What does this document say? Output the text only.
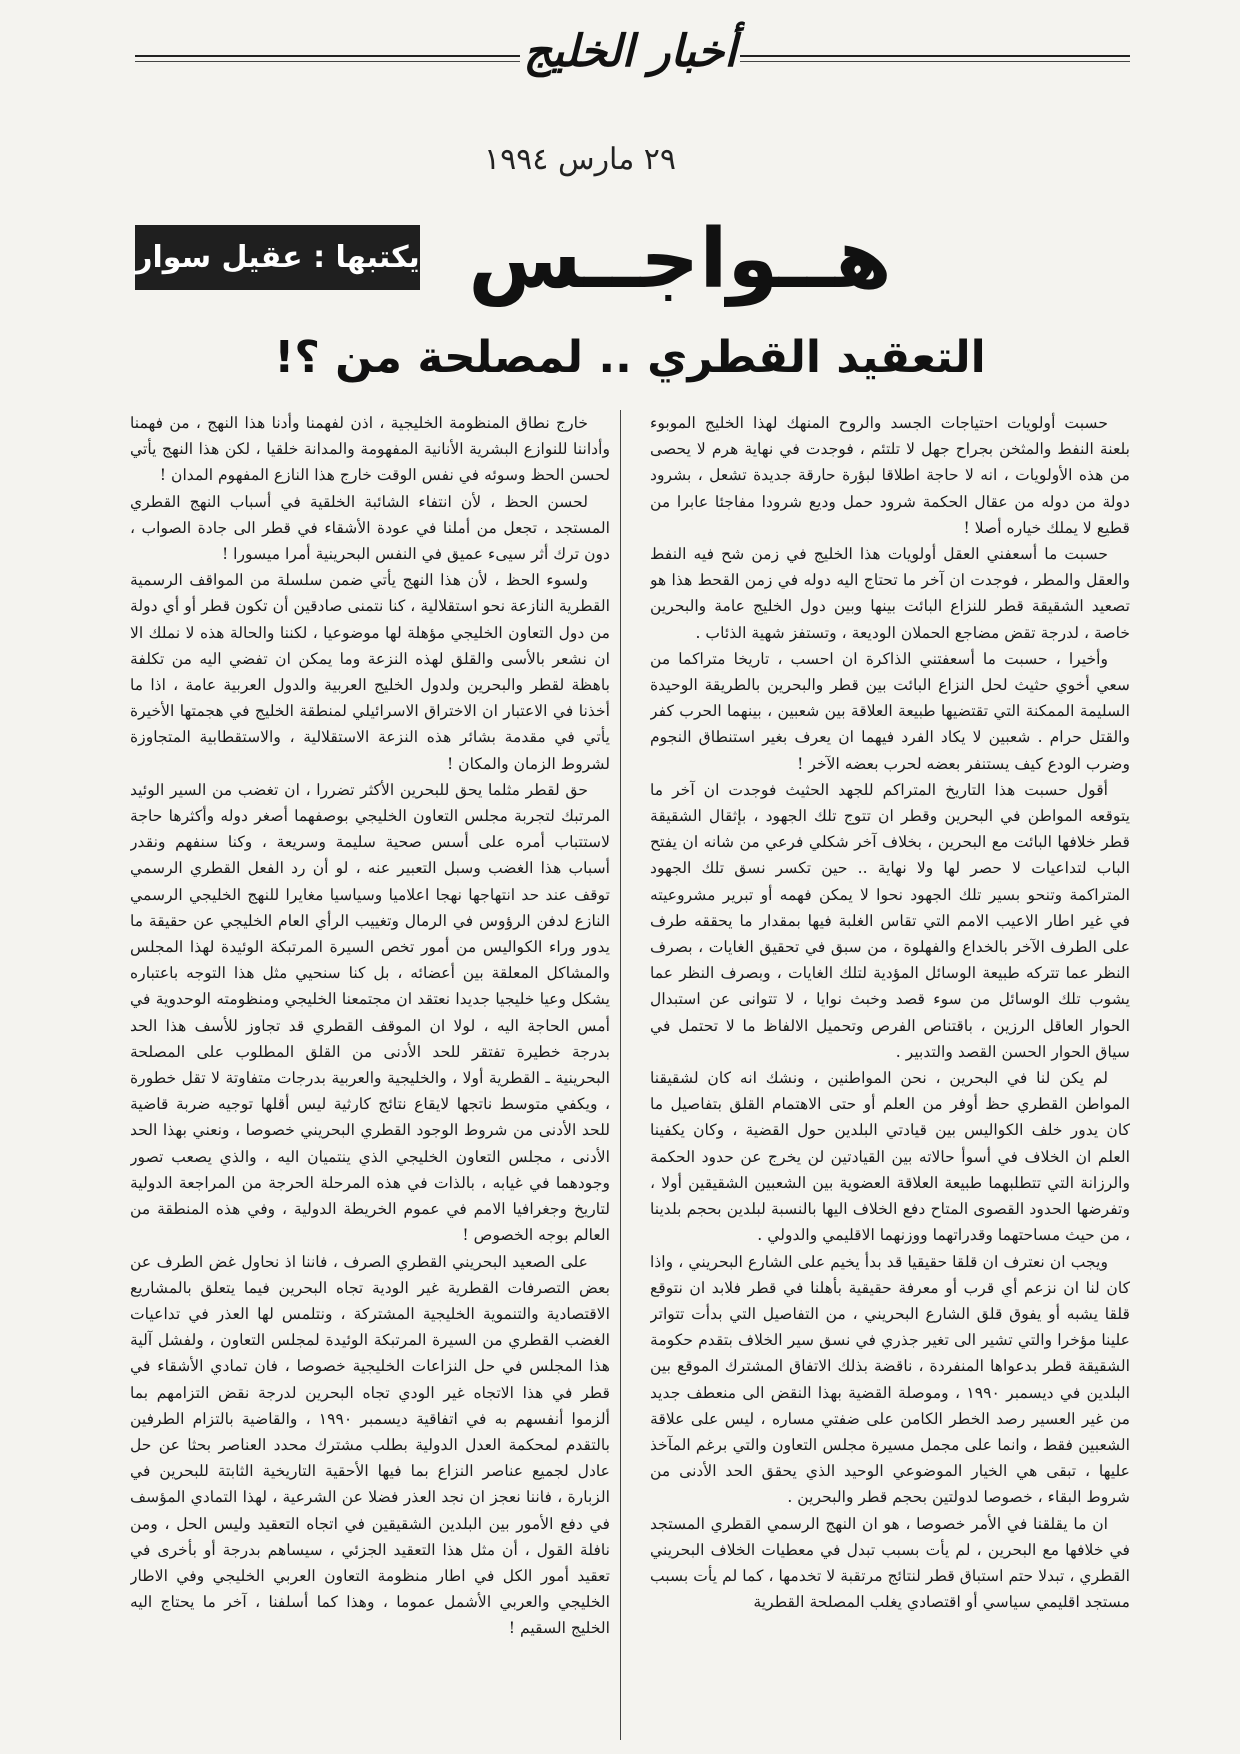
أخبار الخليج
٢٩ مارس ١٩٩٤
هــواجــس
يكتبها : عقيل سوار
التعقيد القطري .. لمصلحة من ؟!

حسبت أولويات احتياجات الجسد والروح المنهك لهذا الخليج الموبوء بلعنة النفط والمثخن بجراح جهل لا تلتئم ، فوجدت في نهاية هرم لا يحصى من هذه الأولويات ، انه لا حاجة اطلاقا لبؤرة حارقة جديدة تشعل ، بشرود دولة من دوله من عقال الحكمة شرود حمل وديع شرودا مفاجئا عابرا من قطيع لا يملك خياره أصلا !

حسبت ما أسعفني العقل أولويات هذا الخليج في زمن شح فيه النفط والعقل والمطر ، فوجدت ان آخر ما تحتاج اليه دوله في زمن القحط هذا هو تصعيد الشقيقة قطر للنزاع البائت بينها وبين دول الخليج عامة والبحرين خاصة ، لدرجة تقض مضاجع الحملان الوديعة ، وتستفز شهية الذئاب .

وأخيرا ، حسبت ما أسعفتني الذاكرة ان احسب ، تاريخا متراكما من سعي أخوي حثيث لحل النزاع البائت بين قطر والبحرين بالطريقة الوحيدة السليمة الممكنة التي تقتضيها طبيعة العلاقة بين شعبين ، بينهما الحرب كفر والقتل حرام . شعبين لا يكاد الفرد فيهما ان يعرف بغير استنطاق النجوم وضرب الودع كيف يستنفر بعضه لحرب بعضه الآخر !

أقول حسبت هذا التاريخ المتراكم للجهد الحثيث فوجدت ان آخر ما يتوقعه المواطن في البحرين وقطر ان تتوج تلك الجهود ، بإثقال الشقيقة قطر خلافها البائت مع البحرين ، بخلاف آخر شكلي فرعي من شانه ان يفتح الباب لتداعيات لا حصر لها ولا نهاية .. حين تكسر نسق تلك الجهود المتراكمة وتنحو بسير تلك الجهود نحوا لا يمكن فهمه أو تبرير مشروعيته في غير اطار الاعيب الامم التي تقاس الغلبة فيها بمقدار ما يحققه طرف على الطرف الآخر بالخداع والفهلوة ، من سبق في تحقيق الغايات ، بصرف النظر عما تتركه طبيعة الوسائل المؤدية لتلك الغايات ، وبصرف النظر عما يشوب تلك الوسائل من سوء قصد وخبث نوايا ، لا تتوانى عن استبدال الحوار العاقل الرزين ، باقتناص الفرص وتحميل الالفاظ ما لا تحتمل في سياق الحوار الحسن القصد والتدبير .

لم يكن لنا في البحرين ، نحن المواطنين ، ونشك انه كان لشقيقنا المواطن القطري حظ أوفر من العلم أو حتى الاهتمام القلق بتفاصيل ما كان يدور خلف الكواليس بين قيادتي البلدين حول القضية ، وكان يكفينا العلم ان الخلاف في أسوأ حالاته بين القيادتين لن يخرج عن حدود الحكمة والرزانة التي تتطلبهما طبيعة العلاقة العضوية بين الشعبين الشقيقين أولا ، وتفرضها الحدود القصوى المتاح دفع الخلاف اليها بالنسبة لبلدين بحجم بلدينا ، من حيث مساحتهما وقدراتهما ووزنهما الاقليمي والدولي .

ويجب ان نعترف ان قلقا حقيقيا قد بدأ يخيم على الشارع البحريني ، واذا كان لنا ان نزعم أي قرب أو معرفة حقيقية بأهلنا في قطر فلابد ان نتوقع قلقا يشبه أو يفوق قلق الشارع البحريني ، من التفاصيل التي بدأت تتواتر علينا مؤخرا والتي تشير الى تغير جذري في نسق سير الخلاف بتقدم حكومة الشقيقة قطر بدعواها المنفردة ، ناقضة بذلك الاتفاق المشترك الموقع بين البلدين في ديسمبر ١٩٩٠ ، وموصلة القضية بهذا النقض الى منعطف جديد من غير العسير رصد الخطر الكامن على ضفتي مساره ، ليس على علاقة الشعبين فقط ، وانما على مجمل مسيرة مجلس التعاون والتي برغم المآخذ عليها ، تبقى هي الخيار الموضوعي الوحيد الذي يحقق الحد الأدنى من شروط البقاء ، خصوصا لدولتين بحجم قطر والبحرين .

ان ما يقلقنا في الأمر خصوصا ، هو ان النهج الرسمي القطري المستجد في خلافها مع البحرين ، لم يأت بسبب تبدل في معطيات الخلاف البحريني القطري ، تبدلا حتم استباق قطر لنتائج مرتقبة لا تخدمها ، كما لم يأت بسبب مستجد اقليمي سياسي أو اقتصادي يغلب المصلحة القطرية

خارج نطاق المنظومة الخليجية ، اذن لفهمنا وأدنا هذا النهج ، من فهمنا وأداننا للنوازع البشرية الأنانية المفهومة والمدانة خلقيا ، لكن هذا النهج يأتي لحسن الحظ وسوئه في نفس الوقت خارج هذا النازع المفهوم المدان !

لحسن الحظ ، لأن انتفاء الشائبة الخلقية في أسباب النهج القطري المستجد ، تجعل من أملنا في عودة الأشقاء في قطر الى جادة الصواب ، دون ترك أثر سيىء عميق في النفس البحرينية أمرا ميسورا !

ولسوء الحظ ، لأن هذا النهج يأتي ضمن سلسلة من المواقف الرسمية القطرية النازعة نحو استقلالية ، كنا نتمنى صادقين أن تكون قطر أو أي دولة من دول التعاون الخليجي مؤهلة لها موضوعيا ، لكننا والحالة هذه لا نملك الا ان نشعر بالأسى والقلق لهذه النزعة وما يمكن ان تفضي اليه من تكلفة باهظة لقطر والبحرين ولدول الخليج العربية والدول العربية عامة ، اذا ما أخذنا في الاعتبار ان الاختراق الاسرائيلي لمنطقة الخليج في هجمتها الأخيرة يأتي في مقدمة بشائر هذه النزعة الاستقلالية ، والاستقطابية المتجاوزة لشروط الزمان والمكان !

حق لقطر مثلما يحق للبحرين الأكثر تضررا ، ان تغضب من السير الوئيد المرتبك لتجربة مجلس التعاون الخليجي بوصفهما أصغر دوله وأكثرها حاجة لاستتباب أمره على أسس صحية سليمة وسريعة ، وكنا سنفهم ونقدر أسباب هذا الغضب وسبل التعبير عنه ، لو أن رد الفعل القطري الرسمي توقف عند حد انتهاجها نهجا اعلاميا وسياسيا مغايرا للنهج الخليجي الرسمي النازع لدفن الرؤوس في الرمال وتغييب الرأي العام الخليجي عن حقيقة ما يدور وراء الكواليس من أمور تخص السيرة المرتبكة الوئيدة لهذا المجلس والمشاكل المعلقة بين أعضائه ، بل كنا سنحيي مثل هذا التوجه باعتباره يشكل وعيا خليجيا جديدا نعتقد ان مجتمعنا الخليجي ومنظومته الوحدوية في أمس الحاجة اليه ، لولا ان الموقف القطري قد تجاوز للأسف هذا الحد بدرجة خطيرة تفتقر للحد الأدنى من القلق المطلوب على المصلحة البحرينية ـ القطرية أولا ، والخليجية والعربية بدرجات متفاوتة لا تقل خطورة ، ويكفي متوسط ناتجها لايقاع نتائج كارثية ليس أقلها توجيه ضربة قاضية للحد الأدنى من شروط الوجود القطري البحريني خصوصا ، ونعني بهذا الحد الأدنى ، مجلس التعاون الخليجي الذي ينتميان اليه ، والذي يصعب تصور وجودهما في غيابه ، بالذات في هذه المرحلة الحرجة من المراجعة الدولية لتاريخ وجغرافيا الامم في عموم الخريطة الدولية ، وفي هذه المنطقة من العالم بوجه الخصوص !

على الصعيد البحريني القطري الصرف ، فاننا اذ نحاول غض الطرف عن بعض التصرفات القطرية غير الودية تجاه البحرين فيما يتعلق بالمشاريع الاقتصادية والتنموية الخليجية المشتركة ، ونتلمس لها العذر في تداعيات الغضب القطري من السيرة المرتبكة الوئيدة لمجلس التعاون ، ولفشل آلية هذا المجلس في حل النزاعات الخليجية خصوصا ، فان تمادي الأشقاء في قطر في هذا الاتجاه غير الودي تجاه البحرين لدرجة نقض التزامهم بما ألزموا أنفسهم به في اتفاقية ديسمبر ١٩٩٠ ، والقاضية بالتزام الطرفين بالتقدم لمحكمة العدل الدولية بطلب مشترك محدد العناصر بحثا عن حل عادل لجميع عناصر النزاع بما فيها الأحقية التاريخية الثابتة للبحرين في الزبارة ، فاننا نعجز ان نجد العذر فضلا عن الشرعية ، لهذا التمادي المؤسف في دفع الأمور بين البلدين الشقيقين في اتجاه التعقيد وليس الحل ، ومن نافلة القول ، أن مثل هذا التعقيد الجزئي ، سيساهم بدرجة أو بأخرى في تعقيد أمور الكل في اطار منظومة التعاون العربي الخليجي وفي الاطار الخليجي والعربي الأشمل عموما ، وهذا كما أسلفنا ، آخر ما يحتاج اليه الخليج السقيم !
